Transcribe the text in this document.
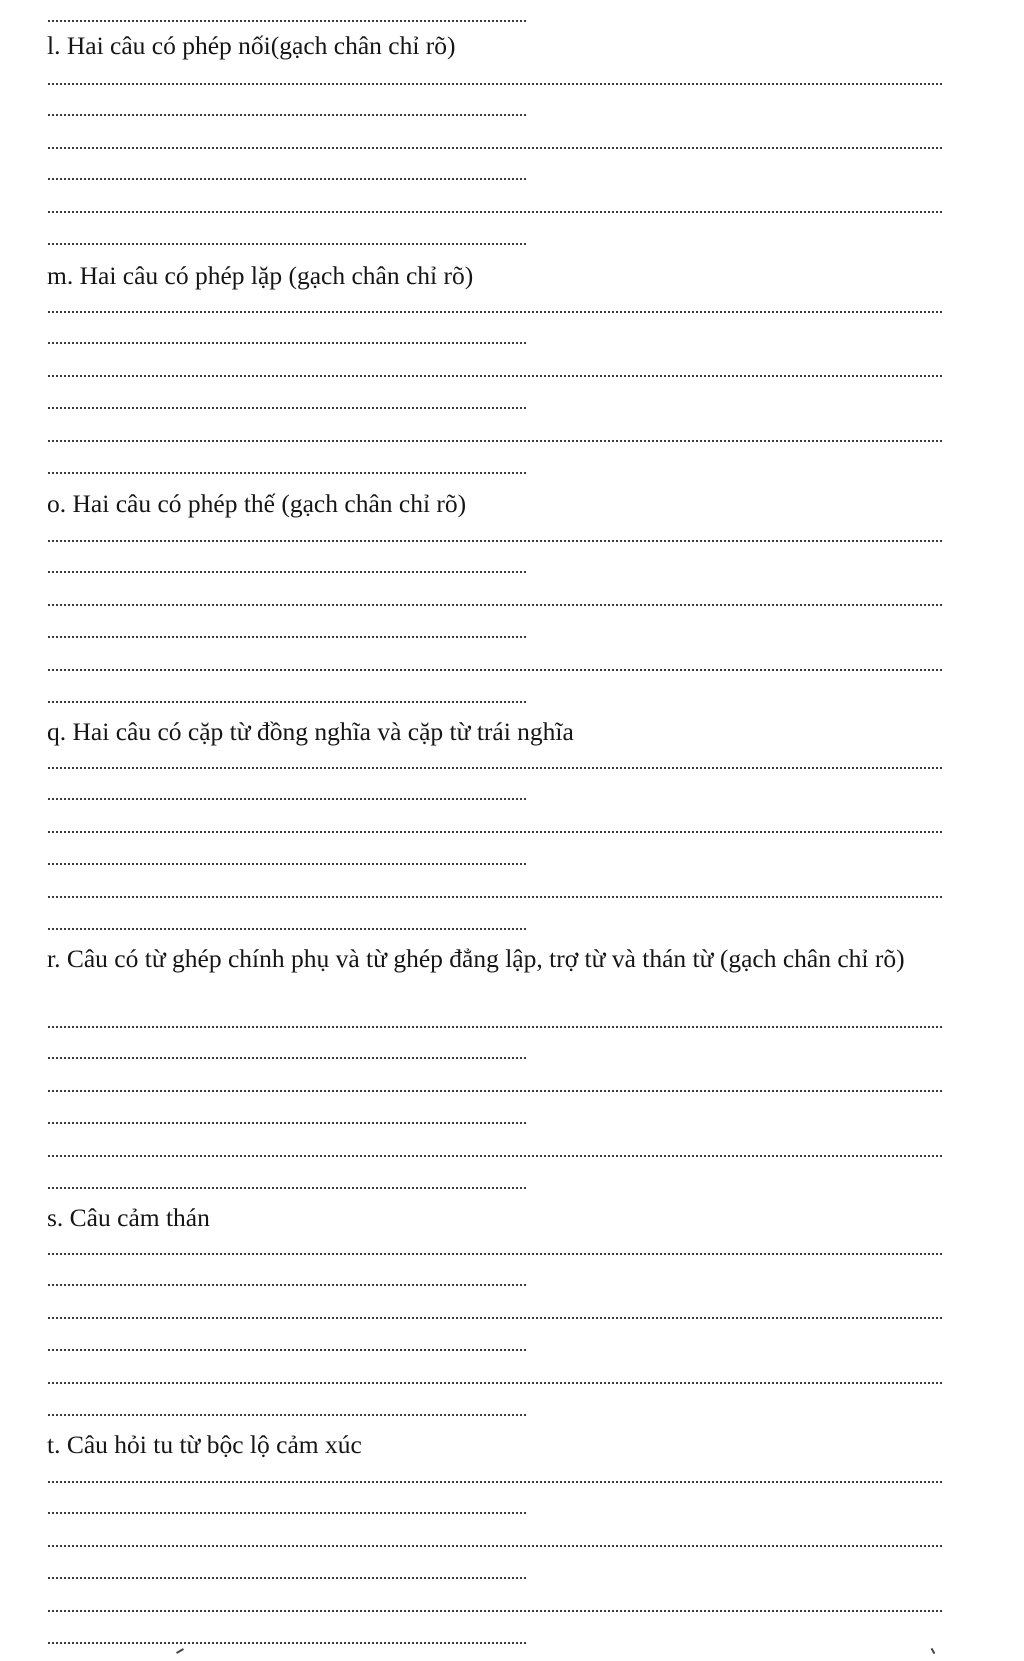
l. Hai câu có phép nối(gạch chân chỉ rõ)
m. Hai câu có phép lặp (gạch chân chỉ rõ)
o. Hai câu có phép thế (gạch chân chỉ rõ)
q. Hai câu có cặp từ đồng nghĩa và cặp từ trái nghĩa
r. Câu có từ ghép chính phụ và từ ghép đẳng lập, trợ từ và thán từ (gạch chân chỉ rõ)
s. Câu cảm thán
t. Câu hỏi tu từ bộc lộ cảm xúc
